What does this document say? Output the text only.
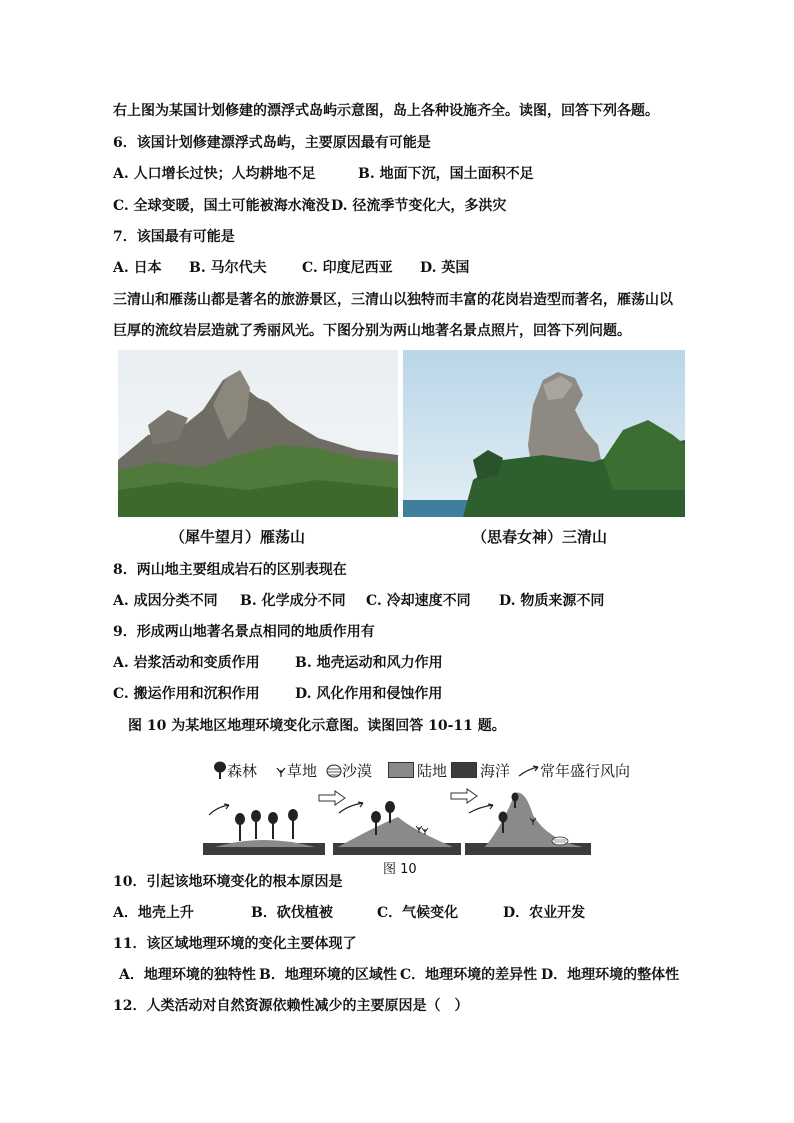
右上图为某国计划修建的漂浮式岛屿示意图，岛上各种设施齐全。读图，回答下列各题。
6．该国计划修建漂浮式岛屿，主要原因最有可能是
A. 人口增长过快；人均耕地不足	B. 地面下沉，国土面积不足
C. 全球变暖，国土可能被海水淹没 D. 径流季节变化大，多洪灾
7．该国最有可能是
A. 日本 B. 马尔代夫	C. 印度尼西亚 D. 英国
三清山和雁荡山都是著名的旅游景区，三清山以独特而丰富的花岗岩造型而著名，雁荡山以
巨厚的流纹岩层造就了秀丽风光。下图分别为两山地著名景点照片，回答下列问题。
（犀牛望月）雁荡山	（思春女神）三清山
8．两山地主要组成岩石的区别表现在
A. 成因分类不同 B. 化学成分不同 C. 冷却速度不同 D. 物质来源不同
9．形成两山地著名景点相同的地质作用有
A. 岩浆活动和变质作用	B. 地壳运动和风力作用
C. 搬运作用和沉积作用	D. 风化作用和侵蚀作用
图 10 为某地区地理环境变化示意图。读图回答 10-11 题。
森林	草地	沙漠	陆地	海洋	常年盛行风向
图 10
10．引起该地环境变化的根本原因是
A．地壳上升	B．砍伐植被	C．气候变化	D．农业开发
11．该区域地理环境的变化主要体现了
A．地理环境的独特性 B．地理环境的区域性 C．地理环境的差异性 D．地理环境的整体性
12．人类活动对自然资源依赖性减少的主要原因是（　）
